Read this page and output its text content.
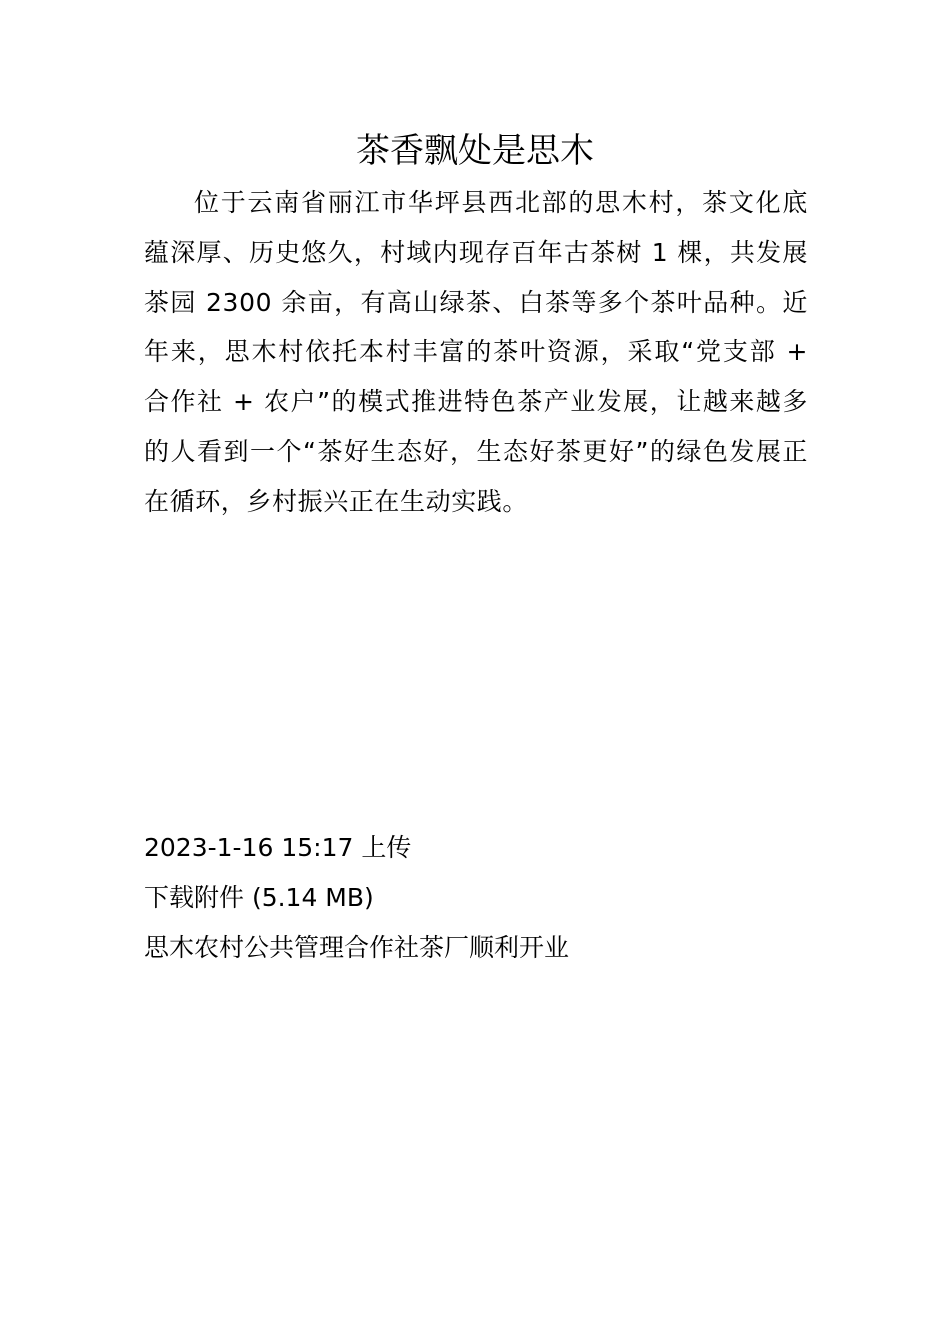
茶香飘处是思木

位于云南省丽江市华坪县西北部的思木村，茶文化底蕴深厚、历史悠久，村域内现存百年古茶树 1 棵，共发展茶园 2300 余亩，有高山绿茶、白茶等多个茶叶品种。近年来，思木村依托本村丰富的茶叶资源，采取“党支部 + 合作社 + 农户”的模式推进特色茶产业发展，让越来越多的人看到一个“茶好生态好，生态好茶更好”的绿色发展正在循环，乡村振兴正在生动实践。

2023-1-16 15:17 上传
下载附件 (5.14 MB)
思木农村公共管理合作社茶厂顺利开业
